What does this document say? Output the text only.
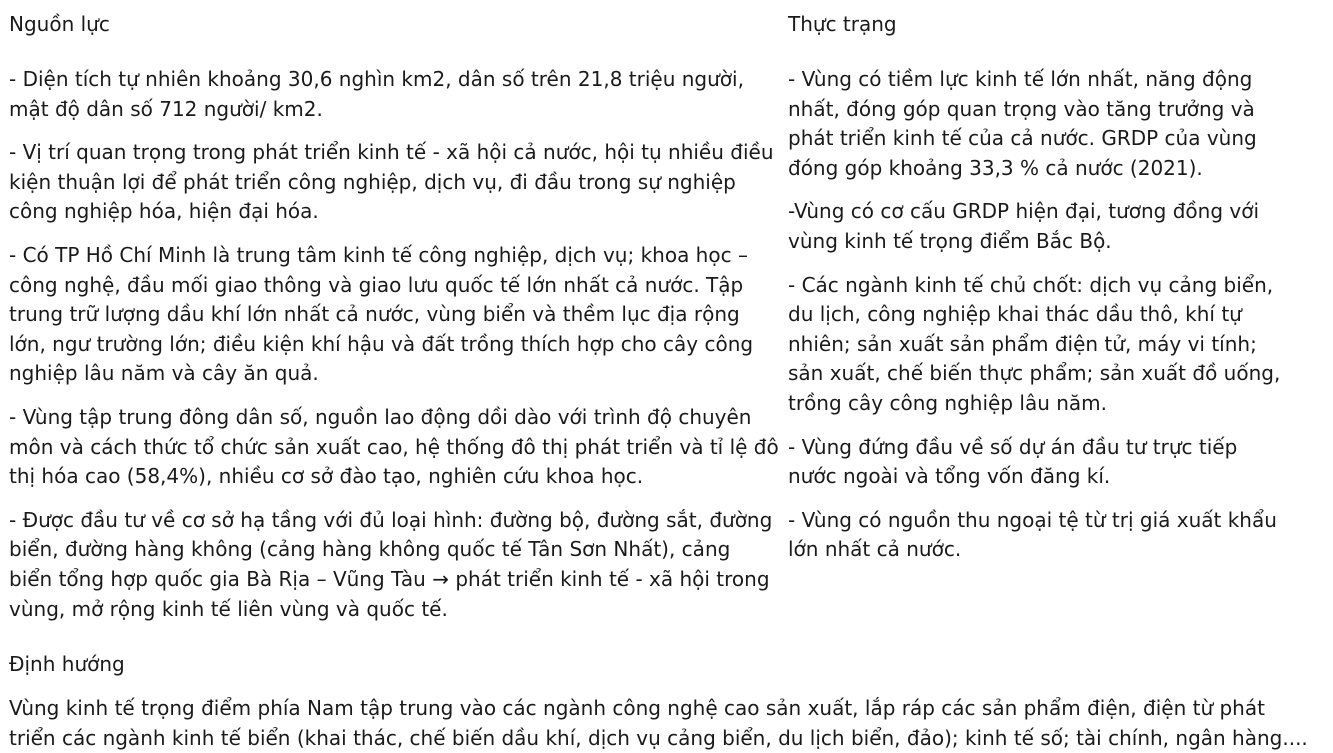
Nguồn lực	Thực trạng

- Diện tích tự nhiên khoảng 30,6 nghìn km2, dân số trên 21,8 triệu người, mật độ dân số 712 người/ km2.

- Vị trí quan trọng trong phát triển kinh tế - xã hội cả nước, hội tụ nhiều điều kiện thuận lợi để phát triển công nghiệp, dịch vụ, đi đầu trong sự nghiệp công nghiệp hóa, hiện đại hóa.

- Có TP Hồ Chí Minh là trung tâm kinh tế công nghiệp, dịch vụ; khoa học – công nghệ, đầu mối giao thông và giao lưu quốc tế lớn nhất cả nước. Tập trung trữ lượng dầu khí lớn nhất cả nước, vùng biển và thềm lục địa rộng lớn, ngư trường lớn; điều kiện khí hậu và đất trồng thích hợp cho cây công nghiệp lâu năm và cây ăn quả.

- Vùng tập trung đông dân số, nguồn lao động dồi dào với trình độ chuyên môn và cách thức tổ chức sản xuất cao, hệ thống đô thị phát triển và tỉ lệ đô thị hóa cao (58,4%), nhiều cơ sở đào tạo, nghiên cứu khoa học.

- Được đầu tư về cơ sở hạ tầng với đủ loại hình: đường bộ, đường sắt, đường biển, đường hàng không (cảng hàng không quốc tế Tân Sơn Nhất), cảng biển tổng hợp quốc gia Bà Rịa – Vũng Tàu → phát triển kinh tế - xã hội trong vùng, mở rộng kinh tế liên vùng và quốc tế.

- Vùng có tiềm lực kinh tế lớn nhất, năng động nhất, đóng góp quan trọng vào tăng trưởng và phát triển kinh tế của cả nước. GRDP của vùng đóng góp khoảng 33,3 % cả nước (2021).

-Vùng có cơ cấu GRDP hiện đại, tương đồng với vùng kinh tế trọng điểm Bắc Bộ.

- Các ngành kinh tế chủ chốt: dịch vụ cảng biển, du lịch, công nghiệp khai thác dầu thô, khí tự nhiên; sản xuất sản phẩm điện tử, máy vi tính; sản xuất, chế biến thực phẩm; sản xuất đồ uống, trồng cây công nghiệp lâu năm.

- Vùng đứng đầu về số dự án đầu tư trực tiếp nước ngoài và tổng vốn đăng kí.

- Vùng có nguồn thu ngoại tệ từ trị giá xuất khẩu lớn nhất cả nước.

Định hướng

Vùng kinh tế trọng điểm phía Nam tập trung vào các ngành công nghệ cao sản xuất, lắp ráp các sản phẩm điện, điện từ phát triển các ngành kinh tế biển (khai thác, chế biến dầu khí, dịch vụ cảng biển, du lịch biển, đảo); kinh tế số; tài chính, ngân hàng....
